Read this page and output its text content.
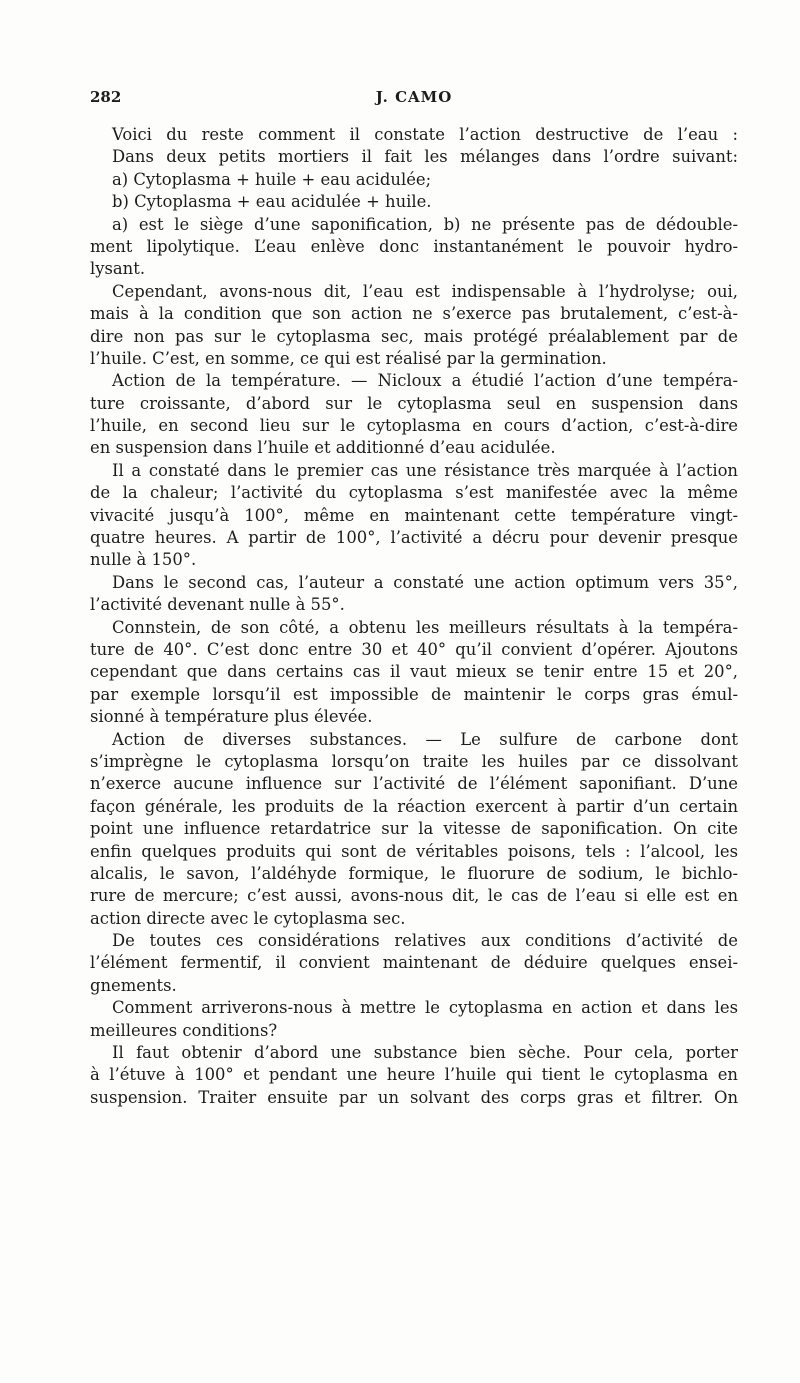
282	J. CAMO
Voici du reste comment il constate l’action destructive de l’eau :
Dans deux petits mortiers il fait les mélanges dans l’ordre suivant:
a) Cytoplasma + huile + eau acidulée;
b) Cytoplasma + eau acidulée + huile.
a) est le siège d’une saponification, b) ne présente pas de dédouble-
ment lipolytique. L’eau enlève donc instantanément le pouvoir hydro-
lysant.
Cependant, avons-nous dit, l’eau est indispensable à l’hydrolyse; oui,
mais à la condition que son action ne s’exerce pas brutalement, c’est-à-
dire non pas sur le cytoplasma sec, mais protégé préalablement par de
l’huile. C’est, en somme, ce qui est réalisé par la germination.
Action de la température. — Nicloux a étudié l’action d’une tempéra-
ture croissante, d’abord sur le cytoplasma seul en suspension dans
l’huile, en second lieu sur le cytoplasma en cours d’action, c’est-à-dire
en suspension dans l’huile et additionné d’eau acidulée.
Il a constaté dans le premier cas une résistance très marquée à l’action
de la chaleur; l’activité du cytoplasma s’est manifestée avec la même
vivacité jusqu’à 100°, même en maintenant cette température vingt-
quatre heures. A partir de 100°, l’activité a décru pour devenir presque
nulle à 150°.
Dans le second cas, l’auteur a constaté une action optimum vers 35°,
l’activité devenant nulle à 55°.
Connstein, de son côté, a obtenu les meilleurs résultats à la tempéra-
ture de 40°. C’est donc entre 30 et 40° qu’il convient d’opérer. Ajoutons
cependant que dans certains cas il vaut mieux se tenir entre 15 et 20°,
par exemple lorsqu’il est impossible de maintenir le corps gras émul-
sionné à température plus élevée.
Action de diverses substances. — Le sulfure de carbone dont
s’imprègne le cytoplasma lorsqu’on traite les huiles par ce dissolvant
n’exerce aucune influence sur l’activité de l’élément saponifiant. D’une
façon générale, les produits de la réaction exercent à partir d’un certain
point une influence retardatrice sur la vitesse de saponification. On cite
enfin quelques produits qui sont de véritables poisons, tels : l’alcool, les
alcalis, le savon, l’aldéhyde formique, le fluorure de sodium, le bichlo-
rure de mercure; c’est aussi, avons-nous dit, le cas de l’eau si elle est en
action directe avec le cytoplasma sec.
De toutes ces considérations relatives aux conditions d’activité de
l’élément fermentif, il convient maintenant de déduire quelques ensei-
gnements.
Comment arriverons-nous à mettre le cytoplasma en action et dans les
meilleures conditions?
Il faut obtenir d’abord une substance bien sèche. Pour cela, porter
à l’étuve à 100° et pendant une heure l’huile qui tient le cytoplasma en
suspension. Traiter ensuite par un solvant des corps gras et filtrer. On
